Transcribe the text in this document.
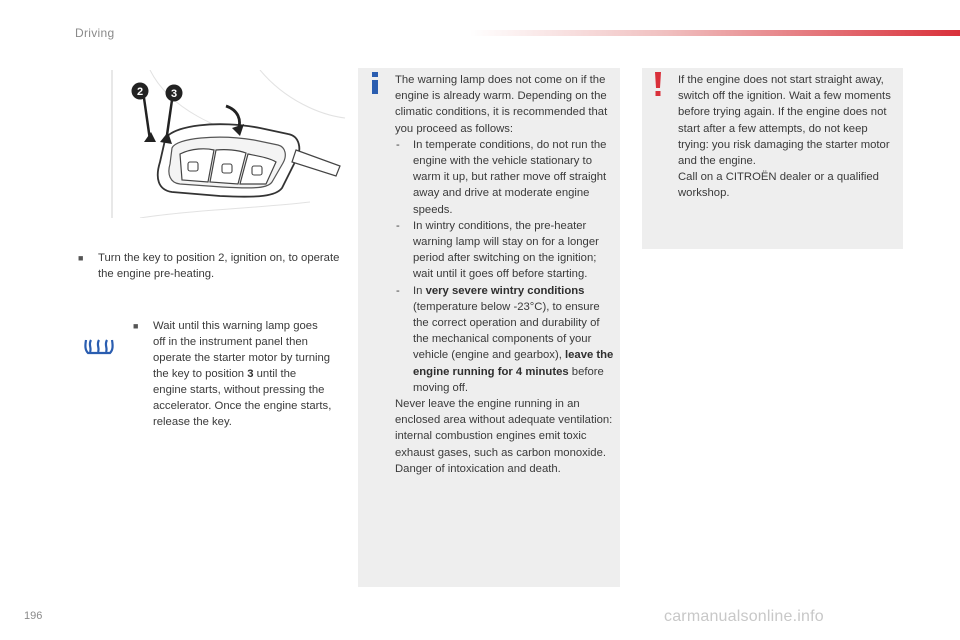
Driving
2	3
■	Turn the key to position 2, ignition on, to operate the engine pre-heating.
■	Wait until this warning lamp goes off in the instrument panel then operate the starter motor by turning the key to position 3 until the engine starts, without pressing the accelerator. Once the engine starts, release the key.

The warning lamp does not come on if the engine is already warm. Depending on the climatic conditions, it is recommended that you proceed as follows:

- In temperate conditions, do not run the engine with the vehicle stationary to warm it up, but rather move off straight away and drive at moderate engine speeds.
- In wintry conditions, the pre-heater warning lamp will stay on for a longer period after switching on the ignition; wait until it goes off before starting.
- In very severe wintry conditions (temperature below -23°C), to ensure the correct operation and durability of the mechanical components of your vehicle (engine and gearbox), leave the engine running for 4 minutes before moving off.

Never leave the engine running in an enclosed area without adequate ventilation: internal combustion engines emit toxic exhaust gases, such as carbon monoxide. Danger of intoxication and death.

If the engine does not start straight away, switch off the ignition. Wait a few moments before trying again. If the engine does not start after a few attempts, do not keep trying: you risk damaging the starter motor and the engine.

Call on a CITROËN dealer or a qualified workshop.

196	carmanualsonline.info
